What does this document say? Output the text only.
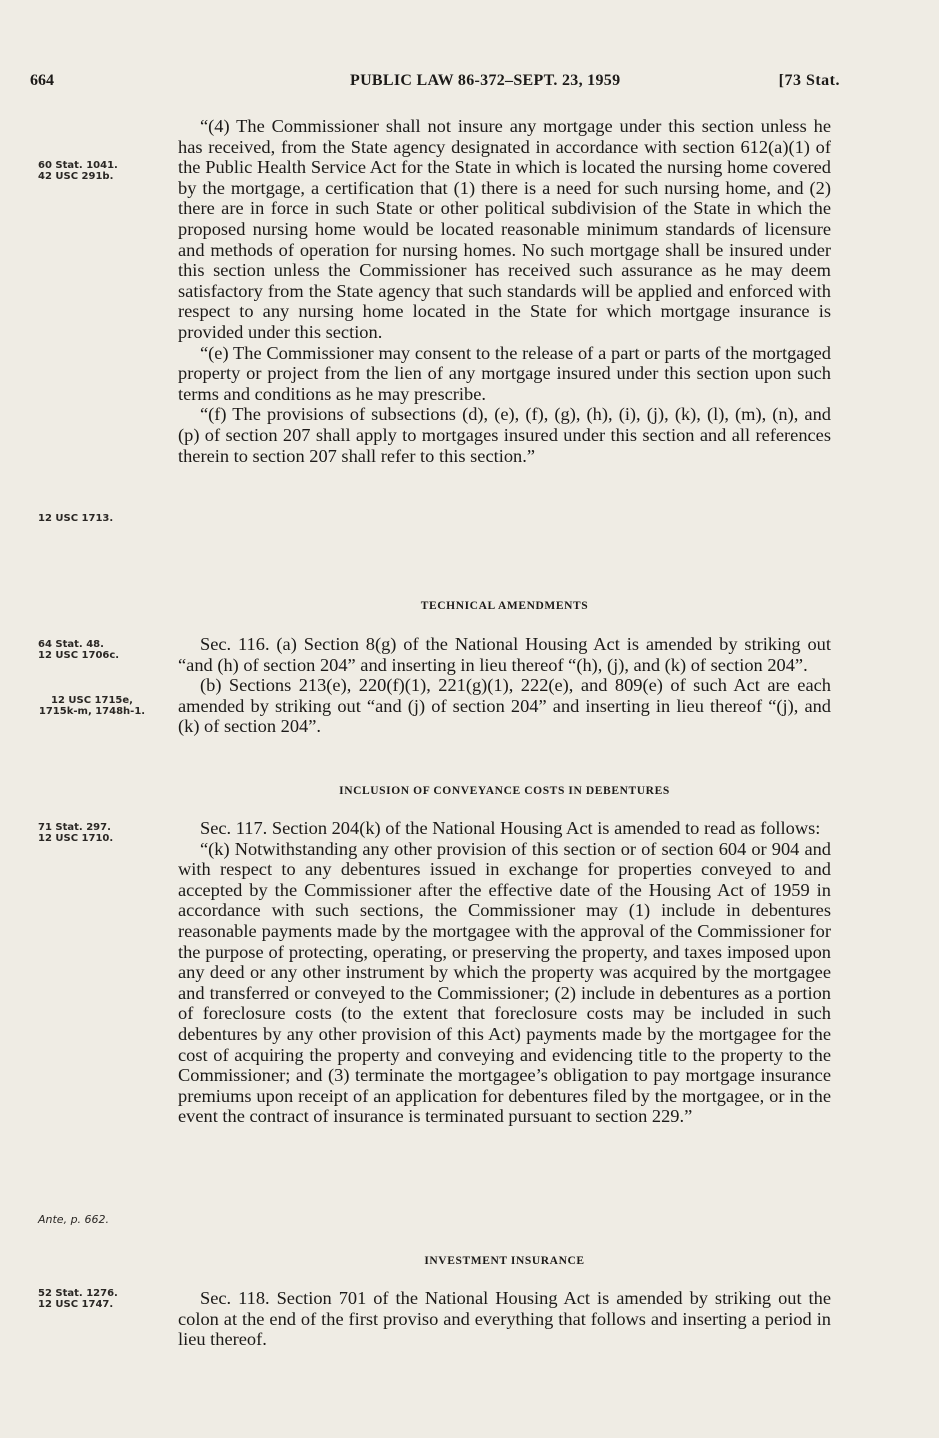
664	PUBLIC LAW 86-372–SEPT. 23, 1959	[73 Stat.
60 Stat. 1041.
42 USC 291b.
12 USC 1713.
64 Stat. 48.
12 USC 1706c.
12 USC 1715e,
1715k-m, 1748h-1.
71 Stat. 297.
12 USC 1710.
Ante, p. 662.
52 Stat. 1276.
12 USC 1747.

“(4) The Commissioner shall not insure any mortgage under this section unless he has received, from the State agency designated in accordance with section 612(a)(1) of the Public Health Service Act for the State in which is located the nursing home covered by the mortgage, a certification that (1) there is a need for such nursing home, and (2) there are in force in such State or other political subdivision of the State in which the proposed nursing home would be located reasonable minimum standards of licensure and methods of operation for nursing homes. No such mortgage shall be insured under this section unless the Commissioner has received such assurance as he may deem satisfactory from the State agency that such standards will be applied and enforced with respect to any nursing home located in the State for which mortgage insurance is provided under this section.

“(e) The Commissioner may consent to the release of a part or parts of the mortgaged property or project from the lien of any mortgage insured under this section upon such terms and conditions as he may prescribe.

“(f) The provisions of subsections (d), (e), (f), (g), (h), (i), (j), (k), (l), (m), (n), and (p) of section 207 shall apply to mortgages insured under this section and all references therein to section 207 shall refer to this section.”

TECHNICAL AMENDMENTS

Sec. 116. (a) Section 8(g) of the National Housing Act is amended by striking out “and (h) of section 204” and inserting in lieu thereof “(h), (j), and (k) of section 204”.

(b) Sections 213(e), 220(f)(1), 221(g)(1), 222(e), and 809(e) of such Act are each amended by striking out “and (j) of section 204” and inserting in lieu thereof “(j), and (k) of section 204”.

INCLUSION OF CONVEYANCE COSTS IN DEBENTURES

Sec. 117. Section 204(k) of the National Housing Act is amended to read as follows:

“(k) Notwithstanding any other provision of this section or of section 604 or 904 and with respect to any debentures issued in exchange for properties conveyed to and accepted by the Commissioner after the effective date of the Housing Act of 1959 in accordance with such sections, the Commissioner may (1) include in debentures reasonable payments made by the mortgagee with the approval of the Commissioner for the purpose of protecting, operating, or preserving the property, and taxes imposed upon any deed or any other instrument by which the property was acquired by the mortgagee and transferred or conveyed to the Commissioner; (2) include in debentures as a portion of foreclosure costs (to the extent that foreclosure costs may be included in such debentures by any other provision of this Act) payments made by the mortgagee for the cost of acquiring the property and conveying and evidencing title to the property to the Commissioner; and (3) terminate the mortgagee’s obligation to pay mortgage insurance premiums upon receipt of an application for debentures filed by the mortgagee, or in the event the contract of insurance is terminated pursuant to section 229.”

INVESTMENT INSURANCE

Sec. 118. Section 701 of the National Housing Act is amended by striking out the colon at the end of the first proviso and everything that follows and inserting a period in lieu thereof.
